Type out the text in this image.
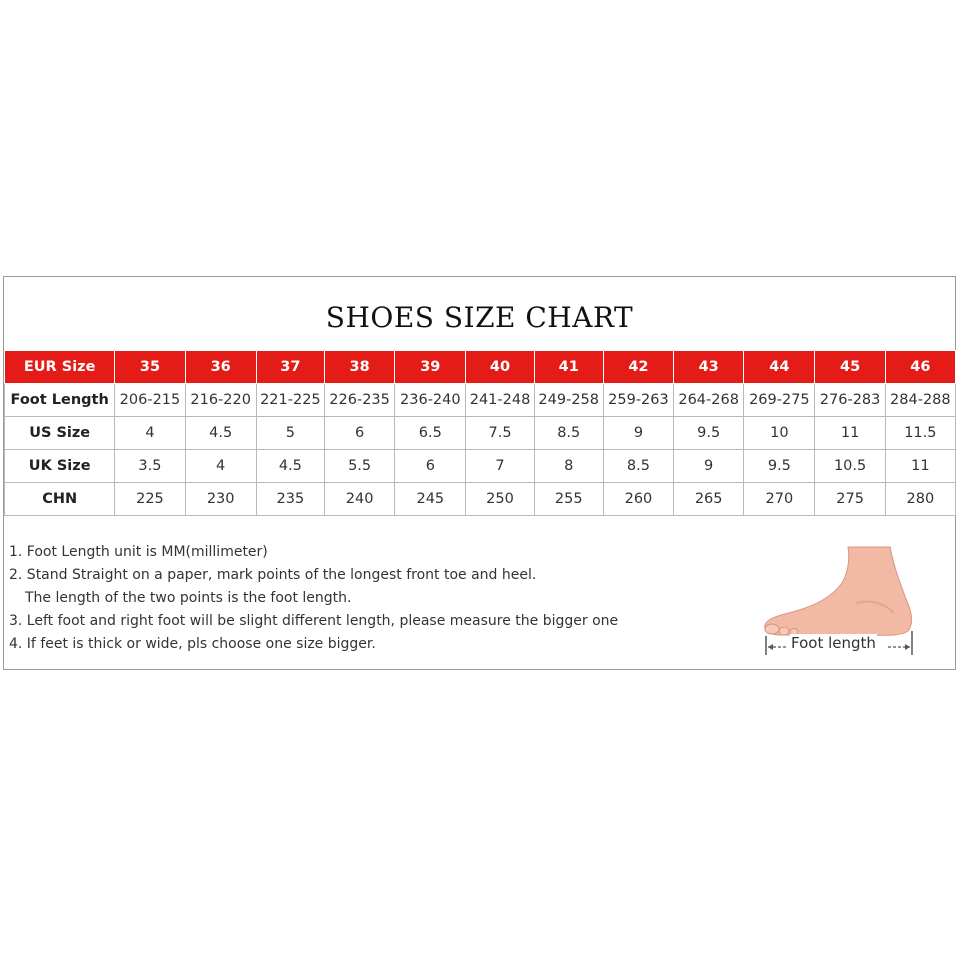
SHOES SIZE CHART
EUR Size	35	36	37	38	39	40	41	42	43	44	45	46
Foot Length	206-215	216-220	221-225	226-235	236-240	241-248	249-258	259-263	264-268	269-275	276-283	284-288
US Size	4	4.5	5	6	6.5	7.5	8.5	9	9.5	10	11	11.5
UK Size	3.5	4	4.5	5.5	6	7	8	8.5	9	9.5	10.5	11
CHN	225	230	235	240	245	250	255	260	265	270	275	280
1. Foot Length unit is MM(millimeter)
2. Stand Straight on a paper, mark points of the longest front toe and heel.
The length of the two points is the foot length.
3. Left foot and right foot will be slight different length, please measure the bigger one
4. If feet is thick or wide, pls choose one size bigger.	Foot length
